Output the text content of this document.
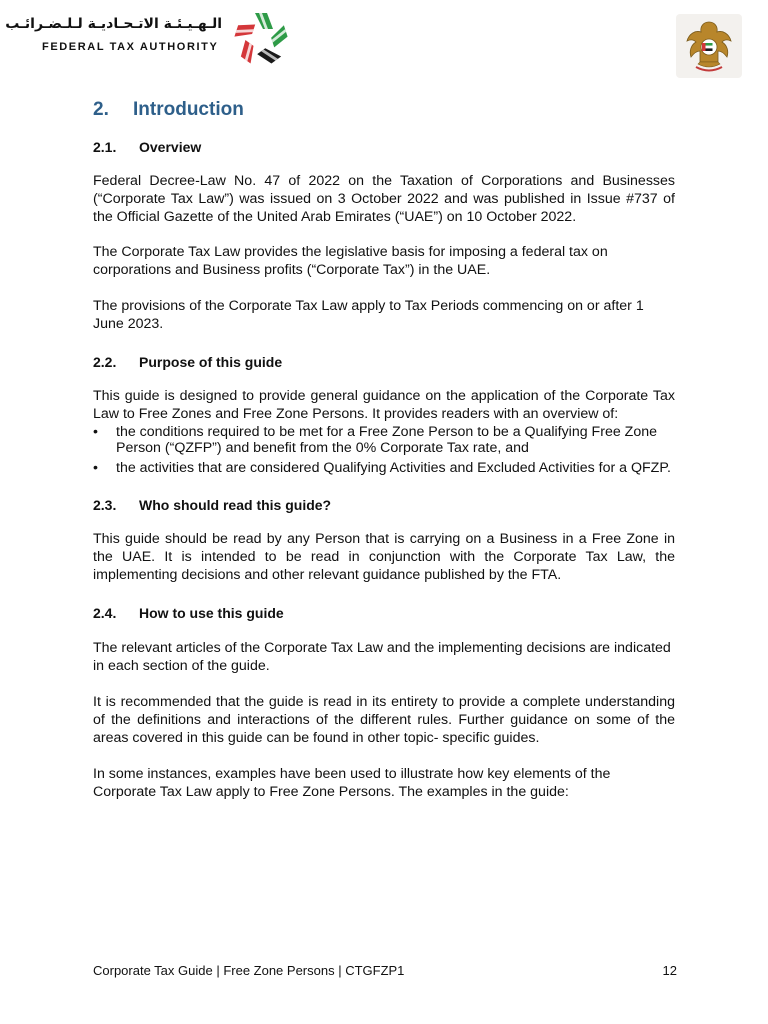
الـهـيـئـة الاتـحـاديـة لـلـضـرائـب
FEDERAL TAX AUTHORITY
2. Introduction
2.1. Overview

Federal Decree-Law No. 47 of 2022 on the Taxation of Corporations and Businesses (“Corporate Tax Law”) was issued on 3 October 2022 and was published in Issue #737 of the Official Gazette of the United Arab Emirates (“UAE”) on 10 October 2022.

The Corporate Tax Law provides the legislative basis for imposing a federal tax on corporations and Business profits (“Corporate Tax”) in the UAE.

The provisions of the Corporate Tax Law apply to Tax Periods commencing on or after 1 June 2023.

2.2. Purpose of this guide

This guide is designed to provide general guidance on the application of the Corporate Tax Law to Free Zones and Free Zone Persons. It provides readers with an overview of:

• the conditions required to be met for a Free Zone Person to be a Qualifying Free Zone Person (“QZFP”) and benefit from the 0% Corporate Tax rate, and
• the activities that are considered Qualifying Activities and Excluded Activities for a QFZP.
2.3. Who should read this guide?

This guide should be read by any Person that is carrying on a Business in a Free Zone in the UAE. It is intended to be read in conjunction with the Corporate Tax Law, the implementing decisions and other relevant guidance published by the FTA.

2.4. How to use this guide

The relevant articles of the Corporate Tax Law and the implementing decisions are indicated in each section of the guide.

It is recommended that the guide is read in its entirety to provide a complete understanding of the definitions and interactions of the different rules. Further guidance on some of the areas covered in this guide can be found in other topic- specific guides.

In some instances, examples have been used to illustrate how key elements of the Corporate Tax Law apply to Free Zone Persons. The examples in the guide:

Corporate Tax Guide | Free Zone Persons | CTGFZP1	12
